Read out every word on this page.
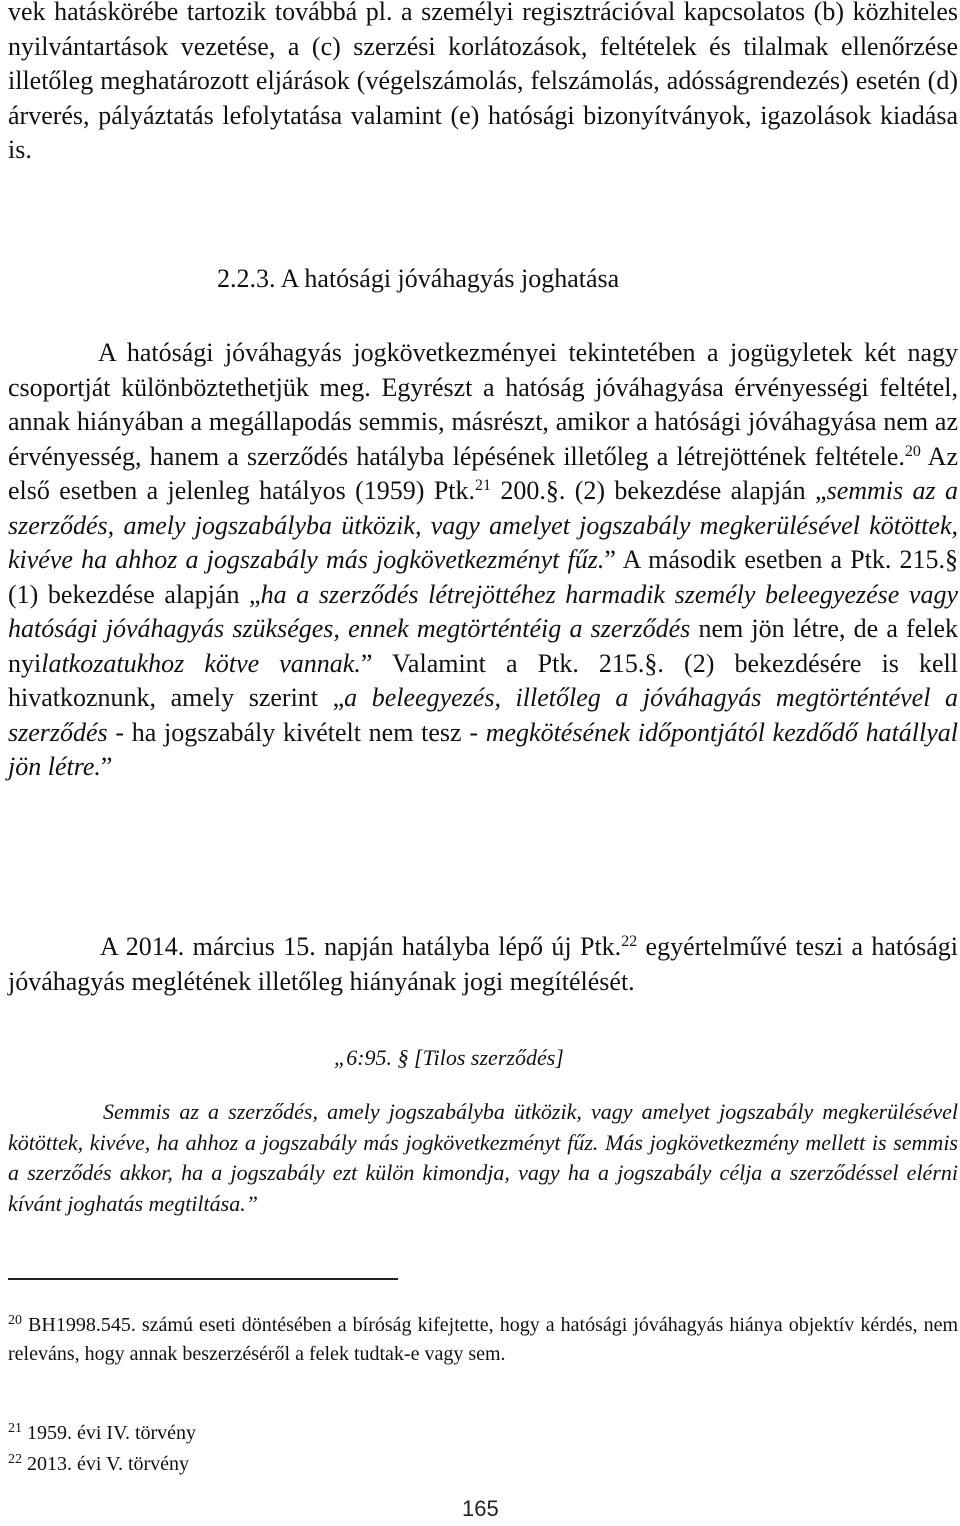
vek hatáskörébe tartozik továbbá pl. a személyi regisztrációval kapcsolatos (b) közhiteles nyilvántartások vezetése, a (c) szerzési korlátozások, feltételek és tilalmak ellenőrzése illetőleg meghatározott eljárások (végelszámolás, felszámolás, adósságrendezés) esetén (d) árverés, pályáztatás lefolytatása valamint (e) hatósági bizonyítványok, igazolások kiadása is.

2.2.3. A hatósági jóváhagyás joghatása

A hatósági jóváhagyás jogkövetkezményei tekintetében a jogügyletek két nagy csoportját különböztethetjük meg. Egyrészt a hatóság jóváhagyása érvényességi feltétel, annak hiányában a megállapodás semmis, másrészt, amikor a hatósági jóváhagyása nem az érvényesség, hanem a szerződés hatályba lépésének illetőleg a létrejöttének feltétele.$^{20}$ Az első esetben a jelenleg hatályos (1959) Ptk.$^{21}$ 200.§. (2) bekezdése alapján „semmis az a szerződés, amely jogszabályba ütközik, vagy amelyet jogszabály megkerülésével kötöttek, kivéve ha ahhoz a jogszabály más jogkövetkezményt fűz.” A második esetben a Ptk. 215.§ (1) bekezdése alapján „ha a szerződés létrejöttéhez harmadik személy beleegyezése vagy hatósági jóváhagyás szükséges, ennek megtörténtéig a szerződés nem jön létre, de a felek nyilatkozatukhoz kötve vannak.” Valamint a Ptk. 215.§. (2) bekezdésére is kell hivatkoznunk, amely szerint „a beleegyezés, illetőleg a jóváhagyás megtörténtével a szerződés - ha jogszabály kivételt nem tesz - megkötésének időpontjától kezdődő hatállyal jön létre.”

A 2014. március 15. napján hatályba lépő új Ptk.$^{22}$ egyértelművé teszi a hatósági jóváhagyás meglétének illetőleg hiányának jogi megítélését.

„6:95. § [Tilos szerződés]

Semmis az a szerződés, amely jogszabályba ütközik, vagy amelyet jogszabály megkerülésével kötöttek, kivéve, ha ahhoz a jogszabály más jogkövetkezményt fűz. Más jogkövetkezmény mellett is semmis a szerződés akkor, ha a jogszabály ezt külön kimondja, vagy ha a jogszabály célja a szerződéssel elérni kívánt joghatás megtiltása.”

$^{20}$ BH1998.545. számú eseti döntésében a bíróság kifejtette, hogy a hatósági jóváhagyás hiánya objektív kérdés, nem releváns, hogy annak beszerzéséről a felek tudtak-e vagy sem.

$^{21}$ 1959. évi IV. törvény

$^{22}$ 2013. évi V. törvény

165
